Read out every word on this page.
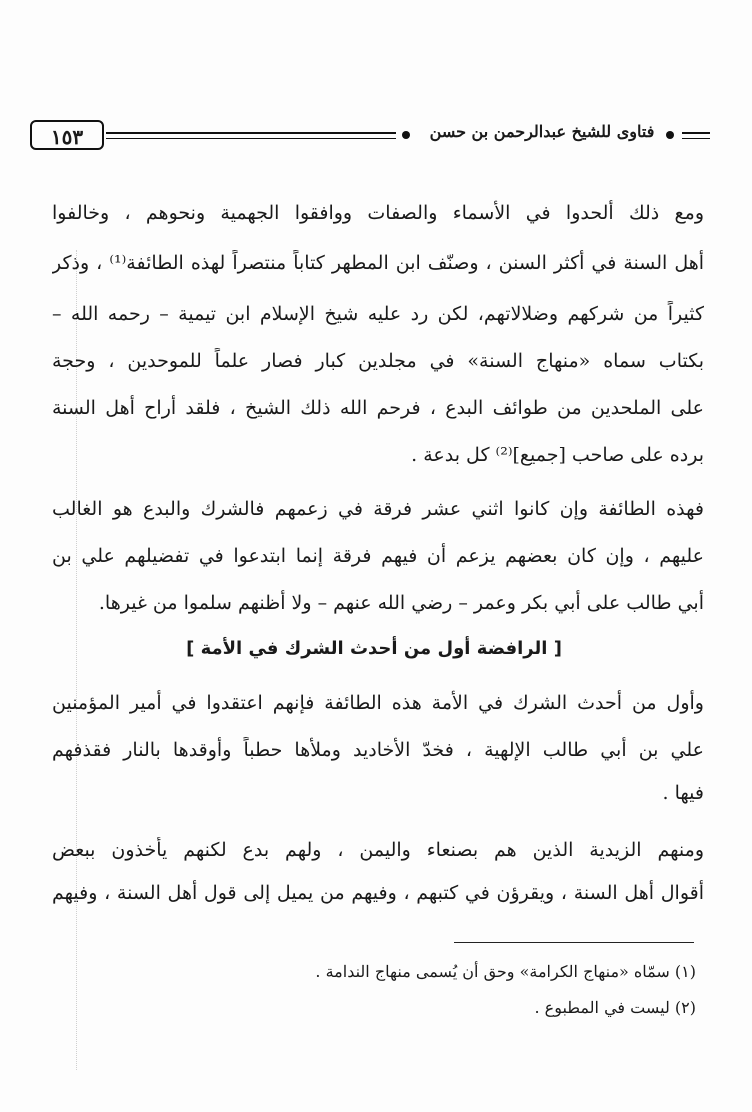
١٥٣	فتاوى للشيخ عبدالرحمن بن حسن
ومع ذلك ألحدوا في الأسماء والصفات ووافقوا الجهمية ونحوهم ، وخالفوا
أهل السنة في أكثر السنن ، وصنّف ابن المطهر كتاباً منتصراً لهذه الطائفة⁽¹⁾ ، وذكر
كثيراً من شركهم وضلالاتهم، لكن رد عليه شيخ الإسلام ابن تيمية – رحمه الله –
بكتاب سماه «منهاج السنة» في مجلدين كبار فصار علماً للموحدين ، وحجة
على الملحدين من طوائف البدع ، فرحم الله ذلك الشيخ ، فلقد أراح أهل السنة
برده على صاحب [جميع]⁽²⁾ كل بدعة .
فهذه الطائفة وإن كانوا اثني عشر فرقة في زعمهم فالشرك والبدع هو الغالب
عليهم ، وإن كان بعضهم يزعم أن فيهم فرقة إنما ابتدعوا في تفضيلهم علي بن
أبي طالب على أبي بكر وعمر – رضي الله عنهم – ولا أظنهم سلموا من غيرها.
[ الرافضة أول من أحدث الشرك في الأمة ]
وأول من أحدث الشرك في الأمة هذه الطائفة فإنهم اعتقدوا في أمير المؤمنين
علي بن أبي طالب الإلهية ، فخدّ الأخاديد وملأها حطباً وأوقدها بالنار فقذفهم
فيها .
ومنهم الزيدية الذين هم بصنعاء واليمن ، ولهم بدع لكنهم يأخذون ببعض
أقوال أهل السنة ، ويقرؤن في كتبهم ، وفيهم من يميل إلى قول أهل السنة ، وفيهم
(١) سمّاه «منهاج الكرامة» وحق أن يُسمى منهاج الندامة .
(٢) ليست في المطبوع .
